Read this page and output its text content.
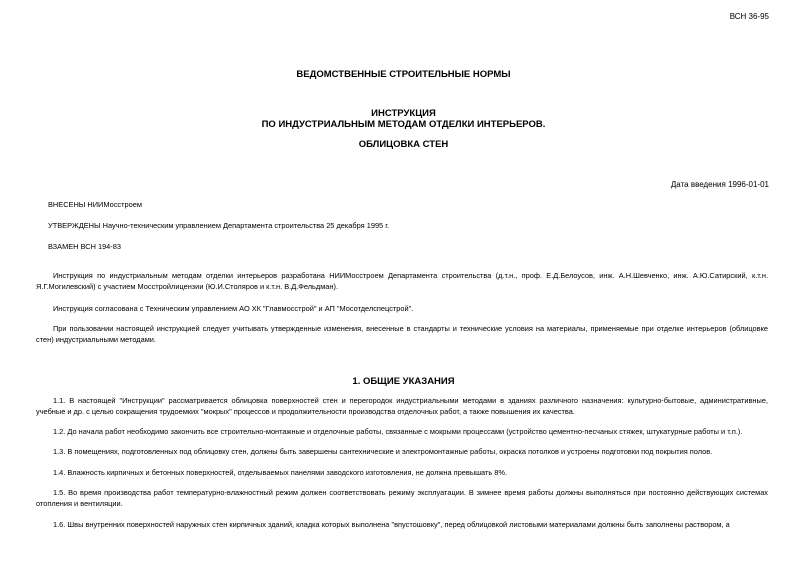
ВСН 36-95
ВЕДОМСТВЕННЫЕ СТРОИТЕЛЬНЫЕ НОРМЫ
ИНСТРУКЦИЯ
ПО ИНДУСТРИАЛЬНЫМ МЕТОДАМ ОТДЕЛКИ ИНТЕРЬЕРОВ.
ОБЛИЦОВКА СТЕН
Дата введения 1996-01-01
ВНЕСЕНЫ НИИМосстроем
УТВЕРЖДЕНЫ Научно-техническим управлением Департамента строительства 25 декабря 1995 г.
ВЗАМЕН ВСН 194-83

Инструкция по индустриальным методам отделки интерьеров разработана НИИМосстроем Департамента строительства (д.т.н., проф. Е.Д.Белоусов, инж. А.Н.Шевченко, инж. А.Ю.Сатирский, к.т.н. Я.Г.Могилевский) с участием Мосстройлицензии (Ю.И.Столяров и к.т.н. В.Д.Фельдман).

Инструкция согласована с Техническим управлением АО ХК "Главмосстрой" и АП "Мосотделспецстрой".

При пользовании настоящей инструкцией следует учитывать утвержденные изменения, внесенные в стандарты и технические условия на материалы, применяемые при отделке интерьеров (облицовке стен) индустриальными методами.

1. ОБЩИЕ УКАЗАНИЯ

1.1. В настоящей "Инструкции" рассматривается облицовка поверхностей стен и перегородок индустриальными методами в зданиях различного назначения: культурно-бытовые, административные, учебные и др. с целью сокращения трудоемких "мокрых" процессов и продолжительности производства отделочных работ, а также повышения их качества.

1.2. До начала работ необходимо закончить все строительно-монтажные и отделочные работы, связанные с мокрыми процессами (устройство цементно-песчаных стяжек, штукатурные работы и т.п.).

1.3. В помещениях, подготовленных под облицовку стен, должны быть завершены сантехнические и электромонтажные работы, окраска потолков и устроены подготовки под покрытия полов.

1.4. Влажность кирпичных и бетонных поверхностей, отделываемых панелями заводского изготовления, не должна превышать 8%.

1.5. Во время производства работ температурно-влажностный режим должен соответствовать режиму эксплуатации. В зимнее время работы должны выполняться при постоянно действующих системах отопления и вентиляции.

1.6. Швы внутренних поверхностей наружных стен кирпичных зданий, кладка которых выполнена "впустошовку", перед облицовкой листовыми материалами должны быть заполнены раствором, а
